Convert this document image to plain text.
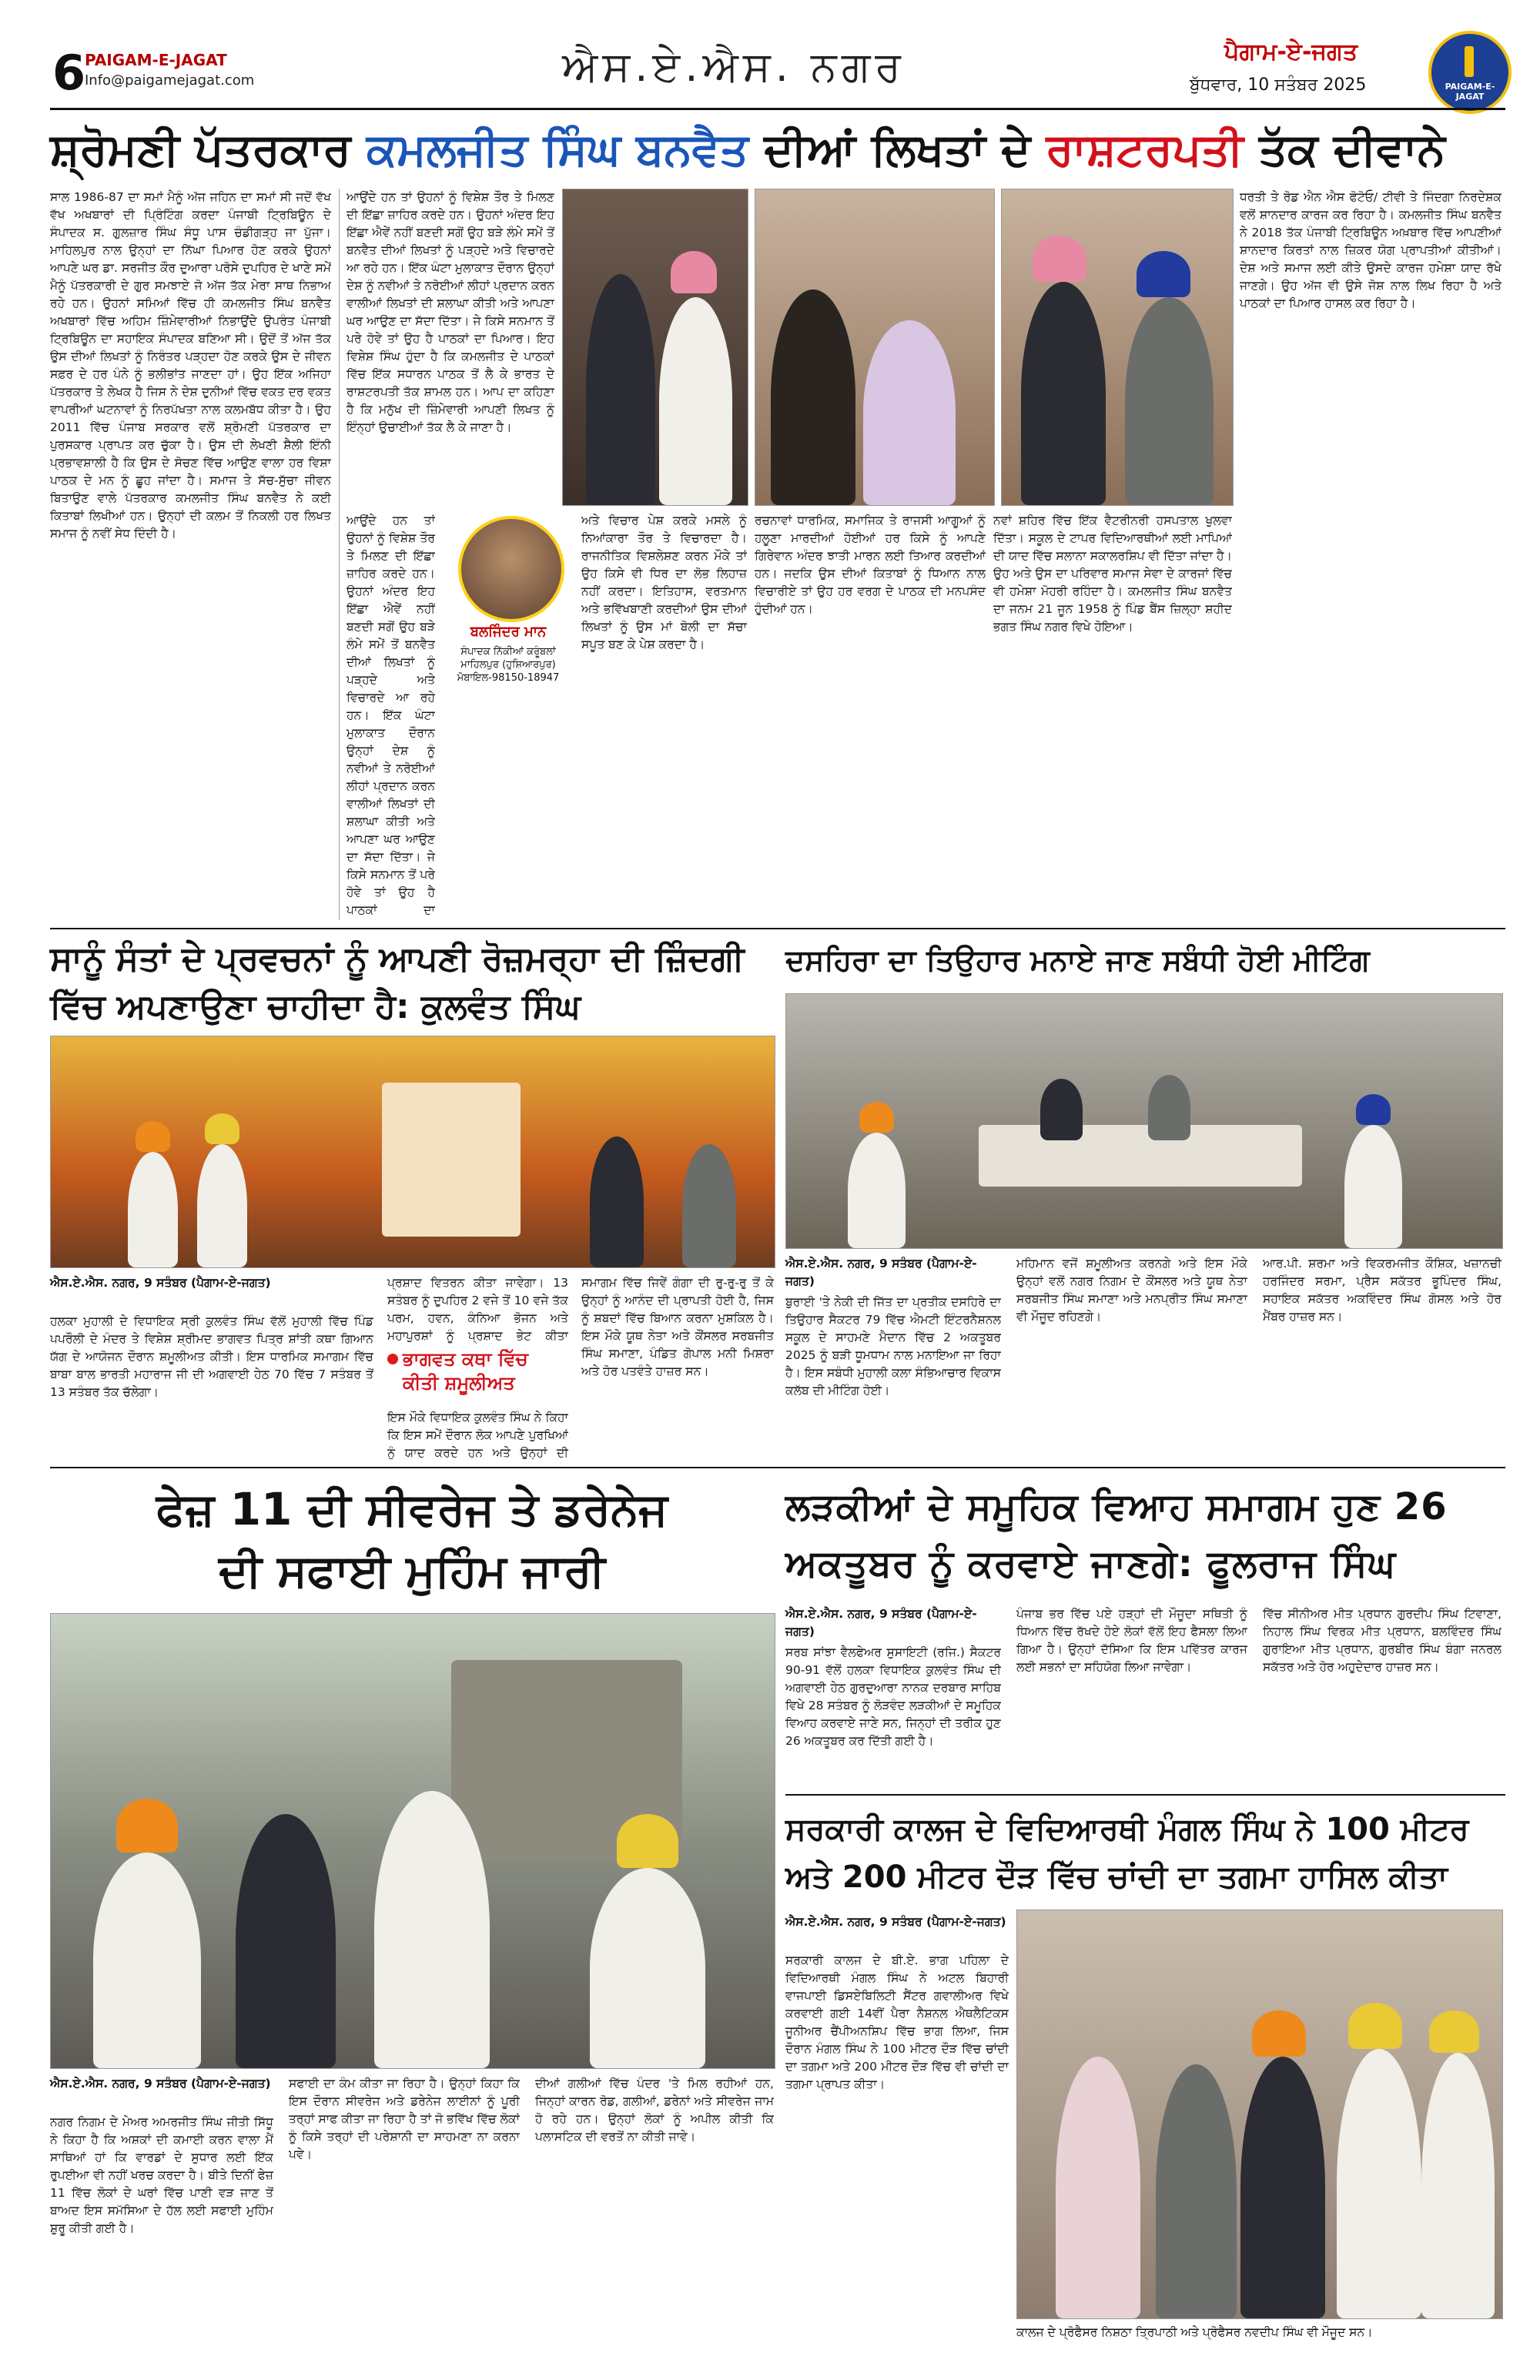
6
PAIGAM-E-JAGAT
Info@paigamejagat.com	ਐਸ.ਏ.ਐਸ. ਨਗਰ	ਪੈਗਾਮ-ਏ-ਜਗਤ
ਬੁੱਧਵਾਰ, 10 ਸਤੰਬਰ 2025	PAIGAM-E-JAGAT
ਸ਼੍ਰੋਮਣੀ ਪੱਤਰਕਾਰ ਕਮਲਜੀਤ ਸਿੰਘ ਬਨਵੈਤ ਦੀਆਂ ਲਿਖਤਾਂ ਦੇ ਰਾਸ਼ਟਰਪਤੀ ਤੱਕ ਦੀਵਾਨੇ
ਸਾਲ 1986-87 ਦਾ ਸਮਾਂ ਮੈਨੂੰ ਅੱਜ ਜਹਿਨ ਦਾ ਸਮਾਂ ਸੀ ਜਦੋਂ ਵੱਖ ਵੱਖ ਅਖਬਾਰਾਂ ਦੀ ਪ੍ਰਿੰਟਿੰਗ ਕਰਦਾ ਪੰਜਾਬੀ ਟ੍ਰਿਬਿਊਨ ਦੇ ਸੰਪਾਦਕ ਸ. ਗੁਲਜ਼ਾਰ ਸਿੰਘ ਸੰਧੂ ਪਾਸ ਚੰਡੀਗੜ੍ਹ ਜਾ ਪੁੱਜਾ। ਮਾਹਿਲਪੁਰ ਨਾਲ ਉਨ੍ਹਾਂ ਦਾ ਨਿੱਘਾ ਪਿਆਰ ਹੋਣ ਕਰਕੇ ਉਹਨਾਂ ਆਪਣੇ ਘਰ ਡਾ. ਸਰਜੀਤ ਕੌਰ ਦੁਆਰਾ ਪਰੋਸੇ ਦੁਪਹਿਰ ਦੇ ਖਾਣੇ ਸਮੇਂ ਮੈਨੂੰ ਪੱਤਰਕਾਰੀ ਦੇ ਗੁਰ ਸਮਝਾਏ ਜੋ ਅੱਜ ਤੱਕ ਮੇਰਾ ਸਾਥ ਨਿਭਾਅ ਰਹੇ ਹਨ। ਉਹਨਾਂ ਸਮਿਆਂ ਵਿੱਚ ਹੀ ਕਮਲਜੀਤ ਸਿੰਘ ਬਨਵੈਤ ਅਖਬਾਰਾਂ ਵਿੱਚ ਅਹਿਮ ਜ਼ਿੰਮੇਵਾਰੀਆਂ ਨਿਭਾਉਂਦੇ ਉਪਰੰਤ ਪੰਜਾਬੀ ਟ੍ਰਿਬਿਊਨ ਦਾ ਸਹਾਇਕ ਸੰਪਾਦਕ ਬਣਿਆ ਸੀ। ਉਦੋਂ ਤੋਂ ਅੱਜ ਤੱਕ ਉਸ ਦੀਆਂ ਲਿਖਤਾਂ ਨੂੰ ਨਿਰੰਤਰ ਪੜ੍ਹਦਾ ਹੋਣ ਕਰਕੇ ਉਸ ਦੇ ਜੀਵਨ ਸਫ਼ਰ ਦੇ ਹਰ ਪੰਨੇ ਨੂੰ ਭਲੀਭਾਂਤ ਜਾਣਦਾ ਹਾਂ। ਉਹ ਇੱਕ ਅਜਿਹਾ ਪੱਤਰਕਾਰ ਤੇ ਲੇਖਕ ਹੈ ਜਿਸ ਨੇ ਦੇਸ਼ ਦੁਨੀਆਂ ਵਿੱਚ ਵਕਤ ਦਰ ਵਕਤ ਵਾਪਰੀਆਂ ਘਟਨਾਵਾਂ ਨੂੰ ਨਿਰਪੱਖਤਾ ਨਾਲ ਕਲਮਬੱਧ ਕੀਤਾ ਹੈ। ਉਹ 2011 ਵਿੱਚ ਪੰਜਾਬ ਸਰਕਾਰ ਵਲੋਂ ਸ਼੍ਰੋਮਣੀ ਪੱਤਰਕਾਰ ਦਾ ਪੁਰਸਕਾਰ ਪ੍ਰਾਪਤ ਕਰ ਚੁੱਕਾ ਹੈ। ਉਸ ਦੀ ਲੇਖਣੀ ਸ਼ੈਲੀ ਇੰਨੀ ਪ੍ਰਭਾਵਸ਼ਾਲੀ ਹੈ ਕਿ ਉਸ ਦੇ ਸੋਚਣ ਵਿੱਚ ਆਉਣ ਵਾਲਾ ਹਰ ਵਿਸ਼ਾ ਪਾਠਕ ਦੇ ਮਨ ਨੂੰ ਛੂਹ ਜਾਂਦਾ ਹੈ। ਸਮਾਜ ਤੇ ਸੱਚ-ਸੁੱਚਾ ਜੀਵਨ ਬਿਤਾਉਣ ਵਾਲੇ ਪੱਤਰਕਾਰ ਕਮਲਜੀਤ ਸਿੰਘ ਬਨਵੈਤ ਨੇ ਕਈ ਕਿਤਾਬਾਂ ਲਿਖੀਆਂ ਹਨ। ਉਨ੍ਹਾਂ ਦੀ ਕਲਮ ਤੋਂ ਨਿਕਲੀ ਹਰ ਲਿਖਤ ਸਮਾਜ ਨੂੰ ਨਵੀਂ ਸੇਧ ਦਿੰਦੀ ਹੈ।
ਆਉਂਦੇ ਹਨ ਤਾਂ ਉਹਨਾਂ ਨੂੰ ਵਿਸ਼ੇਸ਼ ਤੌਰ ਤੇ ਮਿਲਣ ਦੀ ਇੱਛਾ ਜ਼ਾਹਿਰ ਕਰਦੇ ਹਨ। ਉਹਨਾਂ ਅੰਦਰ ਇਹ ਇੱਛਾ ਐਵੇਂ ਨਹੀਂ ਬਣਦੀ ਸਗੋਂ ਉਹ ਬੜੇ ਲੰਮੇ ਸਮੇਂ ਤੋਂ ਬਨਵੈਤ ਦੀਆਂ ਲਿਖਤਾਂ ਨੂੰ ਪੜ੍ਹਦੇ ਅਤੇ ਵਿਚਾਰਦੇ ਆ ਰਹੇ ਹਨ। ਇੱਕ ਘੰਟਾ ਮੁਲਾਕਾਤ ਦੌਰਾਨ ਉਨ੍ਹਾਂ ਦੇਸ਼ ਨੂੰ ਨਵੀਆਂ ਤੇ ਨਰੋਈਆਂ ਲੀਹਾਂ ਪ੍ਰਦਾਨ ਕਰਨ ਵਾਲੀਆਂ ਲਿਖਤਾਂ ਦੀ ਸ਼ਲਾਘਾ ਕੀਤੀ ਅਤੇ ਆਪਣਾ ਘਰ ਆਉਣ ਦਾ ਸੱਦਾ ਦਿੱਤਾ। ਜੇ ਕਿਸੇ ਸਨਮਾਨ ਤੋਂ ਪਰੇ ਹੋਵੇ ਤਾਂ ਉਹ ਹੈ ਪਾਠਕਾਂ ਦਾ ਪਿਆਰ। ਇਹ ਵਿਸ਼ੇਸ਼ ਸਿੰਘ ਹੁੰਦਾ ਹੈ ਕਿ ਕਮਲਜੀਤ ਦੇ ਪਾਠਕਾਂ ਵਿੱਚ ਇੱਕ ਸਧਾਰਨ ਪਾਠਕ ਤੋਂ ਲੈ ਕੇ ਭਾਰਤ ਦੇ ਰਾਸ਼ਟਰਪਤੀ ਤੱਕ ਸ਼ਾਮਲ ਹਨ। ਆਪ ਦਾ ਕਹਿਣਾ ਹੈ ਕਿ ਮਨੁੱਖ ਦੀ ਜ਼ਿੰਮੇਵਾਰੀ ਆਪਣੀ ਲਿਖਤ ਨੂੰ ਇੰਨ੍ਹਾਂ ਉਚਾਈਆਂ ਤੱਕ ਲੈ ਕੇ ਜਾਣਾ ਹੈ।
ਧਰਤੀ ਤੇ ਰੋਡ ਐਨ ਐਸ ਫੋਟੋਓ/ ਟੀਵੀ ਤੇ ਜਿੰਦਗਾ ਨਿਰਦੇਸ਼ਕ ਵਲੋਂ ਸ਼ਾਨਦਾਰ ਕਾਰਜ ਕਰ ਰਿਹਾ ਹੈ। ਕਮਲਜੀਤ ਸਿੰਘ ਬਨਵੈਤ ਨੇ 2018 ਤੱਕ ਪੰਜਾਬੀ ਟ੍ਰਿਬਿਊਨ ਅਖ਼ਬਾਰ ਵਿੱਚ ਆਪਣੀਆਂ ਸ਼ਾਨਦਾਰ ਕਿਰਤਾਂ ਨਾਲ ਜ਼ਿਕਰ ਯੋਗ ਪ੍ਰਾਪਤੀਆਂ ਕੀਤੀਆਂ। ਦੇਸ਼ ਅਤੇ ਸਮਾਜ ਲਈ ਕੀਤੇ ਉਸਦੇ ਕਾਰਜ ਹਮੇਸ਼ਾ ਯਾਦ ਰੱਖੇ ਜਾਣਗੇ। ਉਹ ਅੱਜ ਵੀ ਉਸੇ ਜੋਸ਼ ਨਾਲ ਲਿਖ ਰਿਹਾ ਹੈ ਅਤੇ ਪਾਠਕਾਂ ਦਾ ਪਿਆਰ ਹਾਸਲ ਕਰ ਰਿਹਾ ਹੈ।
ਬਲਜਿੰਦਰ ਮਾਨ
ਸੰਪਾਦਕ ਨਿੱਕੀਆਂ ਕਰੂੰਬਲਾਂ ਮਾਹਿਲਪੁਰ (ਹੁਸ਼ਿਆਰਪੁਰ) ਮੋਬਾਇਲ-98150-18947
ਆਉਂਦੇ ਹਨ ਤਾਂ ਉਹਨਾਂ ਨੂੰ ਵਿਸ਼ੇਸ਼ ਤੌਰ ਤੇ ਮਿਲਣ ਦੀ ਇੱਛਾ ਜ਼ਾਹਿਰ ਕਰਦੇ ਹਨ। ਉਹਨਾਂ ਅੰਦਰ ਇਹ ਇੱਛਾ ਐਵੇਂ ਨਹੀਂ ਬਣਦੀ ਸਗੋਂ ਉਹ ਬੜੇ ਲੰਮੇ ਸਮੇਂ ਤੋਂ ਬਨਵੈਤ ਦੀਆਂ ਲਿਖਤਾਂ ਨੂੰ ਪੜ੍ਹਦੇ ਅਤੇ ਵਿਚਾਰਦੇ ਆ ਰਹੇ ਹਨ। ਇੱਕ ਘੰਟਾ ਮੁਲਾਕਾਤ ਦੌਰਾਨ ਉਨ੍ਹਾਂ ਦੇਸ਼ ਨੂੰ ਨਵੀਆਂ ਤੇ ਨਰੋਈਆਂ ਲੀਹਾਂ ਪ੍ਰਦਾਨ ਕਰਨ ਵਾਲੀਆਂ ਲਿਖਤਾਂ ਦੀ ਸ਼ਲਾਘਾ ਕੀਤੀ ਅਤੇ ਆਪਣਾ ਘਰ ਆਉਣ ਦਾ ਸੱਦਾ ਦਿੱਤਾ। ਜੇ ਕਿਸੇ ਸਨਮਾਨ ਤੋਂ ਪਰੇ ਹੋਵੇ ਤਾਂ ਉਹ ਹੈ ਪਾਠਕਾਂ ਦਾ
ਅਤੇ ਵਿਚਾਰ ਪੇਸ਼ ਕਰਕੇ ਮਸਲੇ ਨੂੰ ਨਿਆਂਕਾਰਾ ਤੌਰ ਤੇ ਵਿਚਾਰਦਾ ਹੈ। ਰਾਜਨੀਤਿਕ ਵਿਸ਼ਲੇਸ਼ਣ ਕਰਨ ਮੌਕੇ ਤਾਂ ਉਹ ਕਿਸੇ ਵੀ ਧਿਰ ਦਾ ਲੋਭ ਲਿਹਾਜ਼ ਨਹੀਂ ਕਰਦਾ। ਇਤਿਹਾਸ, ਵਰਤਮਾਨ ਅਤੇ ਭਵਿੱਖਬਾਣੀ ਕਰਦੀਆਂ ਉਸ ਦੀਆਂ ਲਿਖਤਾਂ ਨੂੰ ਉਸ ਮਾਂ ਬੋਲੀ ਦਾ ਸੱਚਾ ਸਪੂਤ ਬਣ ਕੇ ਪੇਸ਼ ਕਰਦਾ ਹੈ।
ਰਚਨਾਵਾਂ ਧਾਰਮਿਕ, ਸਮਾਜਿਕ ਤੇ ਰਾਜਸੀ ਆਗੂਆਂ ਨੂੰ ਹਲੂਣਾ ਮਾਰਦੀਆਂ ਹੋਈਆਂ ਹਰ ਕਿਸੇ ਨੂੰ ਆਪਣੇ ਗਿਰੇਵਾਨ ਅੰਦਰ ਝਾਤੀ ਮਾਰਨ ਲਈ ਤਿਆਰ ਕਰਦੀਆਂ ਹਨ। ਜਦਕਿ ਉਸ ਦੀਆਂ ਕਿਤਾਬਾਂ ਨੂੰ ਧਿਆਨ ਨਾਲ ਵਿਚਾਰੀਏ ਤਾਂ ਉਹ ਹਰ ਵਰਗ ਦੇ ਪਾਠਕ ਦੀ ਮਨਪਸੰਦ ਹੁੰਦੀਆਂ ਹਨ।
ਨਵਾਂ ਸ਼ਹਿਰ ਵਿੱਚ ਇੱਕ ਵੈਟਰੀਨਰੀ ਹਸਪਤਾਲ ਖੁਲਵਾ ਦਿੱਤਾ। ਸਕੂਲ ਦੇ ਟਾਪਰ ਵਿਦਿਆਰਥੀਆਂ ਲਈ ਮਾਪਿਆਂ ਦੀ ਯਾਦ ਵਿੱਚ ਸਲਾਨਾ ਸਕਾਲਰਸ਼ਿਪ ਵੀ ਦਿੱਤਾ ਜਾਂਦਾ ਹੈ। ਉਹ ਅਤੇ ਉਸ ਦਾ ਪਰਿਵਾਰ ਸਮਾਜ ਸੇਵਾ ਦੇ ਕਾਰਜਾਂ ਵਿੱਚ ਵੀ ਹਮੇਸ਼ਾ ਮੋਹਰੀ ਰਹਿੰਦਾ ਹੈ। ਕਮਲਜੀਤ ਸਿੰਘ ਬਨਵੈਤ ਦਾ ਜਨਮ 21 ਜੂਨ 1958 ਨੂੰ ਪਿੰਡ ਬੈਂਸ ਜ਼ਿਲ੍ਹਾ ਸ਼ਹੀਦ ਭਗਤ ਸਿੰਘ ਨਗਰ ਵਿਖੇ ਹੋਇਆ।
ਸਾਨੂੰ ਸੰਤਾਂ ਦੇ ਪ੍ਰਵਚਨਾਂ ਨੂੰ ਆਪਣੀ ਰੋਜ਼ਮਰ੍ਹਾ ਦੀ ਜ਼ਿੰਦਗੀ ਵਿੱਚ ਅਪਣਾਉਣਾ ਚਾਹੀਦਾ ਹੈ: ਕੁਲਵੰਤ ਸਿੰਘ
ਐਸ.ਏ.ਐਸ. ਨਗਰ, 9 ਸਤੰਬਰ (ਪੈਗਾਮ-ਏ-ਜਗਤ)
ਹਲਕਾ ਮੁਹਾਲੀ ਦੇ ਵਿਧਾਇਕ ਸ੍ਰੀ ਕੁਲਵੰਤ ਸਿੰਘ ਵੱਲੋਂ ਮੁਹਾਲੀ ਵਿੱਚ ਪਿੰਡ ਪਪਰੌਲੀ ਦੇ ਮੰਦਰ ਤੇ ਵਿਸ਼ੇਸ਼ ਸ਼੍ਰੀਮਦ ਭਾਗਵਤ ਪਿਤ੍ਰ ਸ਼ਾਂਤੀ ਕਥਾ ਗਿਆਨ ਯੱਗ ਦੇ ਆਯੋਜਨ ਦੌਰਾਨ ਸ਼ਮੂਲੀਅਤ ਕੀਤੀ। ਇਸ ਧਾਰਮਿਕ ਸਮਾਗਮ ਵਿੱਚ ਬਾਬਾ ਬਾਲ ਭਾਰਤੀ ਮਹਾਰਾਜ ਜੀ ਦੀ ਅਗਵਾਈ ਹੇਠ 70 ਵਿੱਚ 7 ਸਤੰਬਰ ਤੋਂ 13 ਸਤੰਬਰ ਤੱਕ ਚੱਲੇਗਾ।
ਪ੍ਰਸ਼ਾਦ ਵਿਤਰਨ ਕੀਤਾ ਜਾਵੇਗਾ। 13 ਸਤੰਬਰ ਨੂੰ ਦੁਪਹਿਰ 2 ਵਜੇ ਤੋਂ 10 ਵਜੇ ਤੱਕ ਪਰਮ, ਹਵਨ, ਕੰਨਿਆ ਭੋਜਨ ਅਤੇ ਮਹਾਪੁਰਸ਼ਾਂ ਨੂੰ ਪ੍ਰਸ਼ਾਦ ਭੇਟ ਕੀਤਾ
ਭਾਗਵਤ ਕਥਾ ਵਿੱਚ ਕੀਤੀ ਸ਼ਮੂਲੀਅਤ
ਇਸ ਮੌਕੇ ਵਿਧਾਇਕ ਕੁਲਵੰਤ ਸਿੰਘ ਨੇ ਕਿਹਾ ਕਿ ਇਸ ਸਮੇਂ ਦੌਰਾਨ ਲੋਕ ਆਪਣੇ ਪੁਰਖਿਆਂ ਨੂੰ ਯਾਦ ਕਰਦੇ ਹਨ ਅਤੇ ਉਨ੍ਹਾਂ ਦੀ
ਸਮਾਗਮ ਵਿੱਚ ਜਿਵੇਂ ਗੰਗਾ ਦੀ ਰੁ-ਰੁ-ਰੁ ਤੋਂ ਕੇ ਉਨ੍ਹਾਂ ਨੂੰ ਆਨੰਦ ਦੀ ਪ੍ਰਾਪਤੀ ਹੋਈ ਹੈ, ਜਿਸ ਨੂੰ ਸ਼ਬਦਾਂ ਵਿੱਚ ਬਿਆਨ ਕਰਨਾ ਮੁਸ਼ਕਿਲ ਹੈ। ਇਸ ਮੌਕੇ ਯੂਥ ਨੇਤਾ ਅਤੇ ਕੌਂਸਲਰ ਸਰਬਜੀਤ ਸਿੰਘ ਸਮਾਣਾ, ਪੰਡਿਤ ਗੋਪਾਲ ਮਨੀ ਮਿਸ਼ਰਾ ਅਤੇ ਹੋਰ ਪਤਵੰਤੇ ਹਾਜ਼ਰ ਸਨ।
ਦਸਹਿਰਾ ਦਾ ਤਿਉਹਾਰ ਮਨਾਏ ਜਾਣ ਸਬੰਧੀ ਹੋਈ ਮੀਟਿੰਗ
ਐਸ.ਏ.ਐਸ. ਨਗਰ, 9 ਸਤੰਬਰ (ਪੈਗਾਮ-ਏ-ਜਗਤ)
ਬੁਰਾਈ 'ਤੇ ਨੇਕੀ ਦੀ ਜਿੱਤ ਦਾ ਪ੍ਰਤੀਕ ਦਸਹਿਰੇ ਦਾ ਤਿਉਹਾਰ ਸੈਕਟਰ 79 ਵਿੱਚ ਐਮਟੀ ਇੰਟਰਨੈਸ਼ਨਲ ਸਕੂਲ ਦੇ ਸਾਹਮਣੇ ਮੈਦਾਨ ਵਿੱਚ 2 ਅਕਤੂਬਰ 2025 ਨੂੰ ਬੜੀ ਧੂਮਧਾਮ ਨਾਲ ਮਨਾਇਆ ਜਾ ਰਿਹਾ ਹੈ। ਇਸ ਸਬੰਧੀ ਮੁਹਾਲੀ ਕਲਾ ਸੰਭਿਆਚਾਰ ਵਿਕਾਸ ਕਲੱਬ ਦੀ ਮੀਟਿੰਗ ਹੋਈ।
ਮਹਿਮਾਨ ਵਜੋਂ ਸ਼ਮੂਲੀਅਤ ਕਰਨਗੇ ਅਤੇ ਇਸ ਮੌਕੇ ਉਨ੍ਹਾਂ ਵਲੋਂ ਨਗਰ ਨਿਗਮ ਦੇ ਕੌਂਸਲਰ ਅਤੇ ਯੂਥ ਨੇਤਾ ਸਰਬਜੀਤ ਸਿੰਘ ਸਮਾਣਾ ਅਤੇ ਮਨਪ੍ਰੀਤ ਸਿੰਘ ਸਮਾਣਾ ਵੀ ਮੌਜੂਦ ਰਹਿਣਗੇ।
ਆਰ.ਪੀ. ਸ਼ਰਮਾ ਅਤੇ ਵਿਕਰਮਜੀਤ ਕੌਸ਼ਿਕ, ਖਜ਼ਾਨਚੀ ਹਰਜਿੰਦਰ ਸਰਮਾ, ਪ੍ਰੈਸ ਸਕੱਤਰ ਭੂਪਿੰਦਰ ਸਿੰਘ, ਸਹਾਇਕ ਸਕੱਤਰ ਅਕਵਿੰਦਰ ਸਿੰਘ ਗੋਸਲ ਅਤੇ ਹੋਰ ਮੈਂਬਰ ਹਾਜ਼ਰ ਸਨ।
ਫੇਜ਼ 11 ਦੀ ਸੀਵਰੇਜ ਤੇ ਡਰੇਨੇਜ
ਦੀ ਸਫਾਈ ਮੁਹਿੰਮ ਜਾਰੀ
ਐਸ.ਏ.ਐਸ. ਨਗਰ, 9 ਸਤੰਬਰ (ਪੈਗਾਮ-ਏ-ਜਗਤ)
ਨਗਰ ਨਿਗਮ ਦੇ ਮੇਅਰ ਅਮਰਜੀਤ ਸਿੰਘ ਜੀਤੀ ਸਿੱਧੂ ਨੇ ਕਿਹਾ ਹੈ ਕਿ ਅਸ਼ਕਾਂ ਦੀ ਕਮਾਈ ਕਰਨ ਵਾਲਾ ਮੈਂ ਸਾਥਿਆਂ ਹਾਂ ਕਿ ਵਾਰਡਾਂ ਦੇ ਸੁਧਾਰ ਲਈ ਇੱਕ ਰੁਪਈਆ ਵੀ ਨਹੀਂ ਖਰਚ ਕਰਦਾ ਹੈ। ਬੀਤੇ ਦਿਨੀਂ ਫੇਜ਼ 11 ਵਿੱਚ ਲੋਕਾਂ ਦੇ ਘਰਾਂ ਵਿੱਚ ਪਾਣੀ ਵੜ ਜਾਣ ਤੋਂ ਬਾਅਦ ਇਸ ਸਮੱਸਿਆ ਦੇ ਹੱਲ ਲਈ ਸਫਾਈ ਮੁਹਿੰਮ ਸ਼ੁਰੂ ਕੀਤੀ ਗਈ ਹੈ।
ਸਫਾਈ ਦਾ ਕੰਮ ਕੀਤਾ ਜਾ ਰਿਹਾ ਹੈ। ਉਨ੍ਹਾਂ ਕਿਹਾ ਕਿ ਇਸ ਦੌਰਾਨ ਸੀਵਰੇਜ ਅਤੇ ਡਰੇਨੇਜ ਲਾਈਨਾਂ ਨੂੰ ਪੂਰੀ ਤਰ੍ਹਾਂ ਸਾਫ ਕੀਤਾ ਜਾ ਰਿਹਾ ਹੈ ਤਾਂ ਜੋ ਭਵਿੱਖ ਵਿੱਚ ਲੋਕਾਂ ਨੂੰ ਕਿਸੇ ਤਰ੍ਹਾਂ ਦੀ ਪਰੇਸ਼ਾਨੀ ਦਾ ਸਾਹਮਣਾ ਨਾ ਕਰਨਾ ਪਵੇ।
ਦੀਆਂ ਗਲੀਆਂ ਵਿੱਚ ਪੰਦਰ 'ਤੇ ਮਿਲ ਰਹੀਆਂ ਹਨ, ਜਿਨ੍ਹਾਂ ਕਾਰਨ ਰੋਡ, ਗਲੀਆਂ, ਡਰੇਨਾਂ ਅਤੇ ਸੀਵਰੇਜ ਜਾਮ ਹੋ ਰਹੇ ਹਨ। ਉਨ੍ਹਾਂ ਲੋਕਾਂ ਨੂੰ ਅਪੀਲ ਕੀਤੀ ਕਿ ਪਲਾਸਟਿਕ ਦੀ ਵਰਤੋਂ ਨਾ ਕੀਤੀ ਜਾਵੇ।
ਲੜਕੀਆਂ ਦੇ ਸਮੂਹਿਕ ਵਿਆਹ ਸਮਾਗਮ ਹੁਣ 26
ਅਕਤੂਬਰ ਨੂੰ ਕਰਵਾਏ ਜਾਣਗੇ: ਫੂਲਰਾਜ ਸਿੰਘ
ਐਸ.ਏ.ਐਸ. ਨਗਰ, 9 ਸਤੰਬਰ (ਪੈਗਾਮ-ਏ-ਜਗਤ)
ਸਰਬ ਸਾਂਝਾ ਵੈਲਫੇਅਰ ਸੁਸਾਇਟੀ (ਰਜਿ.) ਸੈਕਟਰ 90-91 ਵੱਲੋਂ ਹਲਕਾ ਵਿਧਾਇਕ ਕੁਲਵੰਤ ਸਿੰਘ ਦੀ ਅਗਵਾਈ ਹੇਠ ਗੁਰਦੁਆਰਾ ਨਾਨਕ ਦਰਬਾਰ ਸਾਹਿਬ ਵਿਖੇ 28 ਸਤੰਬਰ ਨੂੰ ਲੋੜਵੰਦ ਲੜਕੀਆਂ ਦੇ ਸਮੂਹਿਕ ਵਿਆਹ ਕਰਵਾਏ ਜਾਣੇ ਸਨ, ਜਿਨ੍ਹਾਂ ਦੀ ਤਰੀਕ ਹੁਣ 26 ਅਕਤੂਬਰ ਕਰ ਦਿੱਤੀ ਗਈ ਹੈ।
ਪੰਜਾਬ ਭਰ ਵਿੱਚ ਪਏ ਹੜ੍ਹਾਂ ਦੀ ਮੌਜੂਦਾ ਸਥਿਤੀ ਨੂੰ ਧਿਆਨ ਵਿੱਚ ਰੱਖਦੇ ਹੋਏ ਲੋਕਾਂ ਵੱਲੋਂ ਇਹ ਫੈਸਲਾ ਲਿਆ ਗਿਆ ਹੈ। ਉਨ੍ਹਾਂ ਦੱਸਿਆ ਕਿ ਇਸ ਪਵਿੱਤਰ ਕਾਰਜ ਲਈ ਸਭਨਾਂ ਦਾ ਸਹਿਯੋਗ ਲਿਆ ਜਾਵੇਗਾ।
ਵਿੱਚ ਸੀਨੀਅਰ ਮੀਤ ਪ੍ਰਧਾਨ ਗੁਰਦੀਪ ਸਿੰਘ ਟਿਵਾਣਾ, ਨਿਹਾਲ ਸਿੰਘ ਵਿਰਕ ਮੀਤ ਪ੍ਰਧਾਨ, ਬਲਵਿੰਦਰ ਸਿੰਘ ਗੁਰਾਇਆ ਮੀਤ ਪ੍ਰਧਾਨ, ਗੁਰਬੀਰ ਸਿੰਘ ਬੰਗਾ ਜਨਰਲ ਸਕੱਤਰ ਅਤੇ ਹੋਰ ਅਹੁਦੇਦਾਰ ਹਾਜ਼ਰ ਸਨ।
ਸਰਕਾਰੀ ਕਾਲਜ ਦੇ ਵਿਦਿਆਰਥੀ ਮੰਗਲ ਸਿੰਘ ਨੇ 100 ਮੀਟਰ
ਅਤੇ 200 ਮੀਟਰ ਦੌੜ ਵਿੱਚ ਚਾਂਦੀ ਦਾ ਤਗਮਾ ਹਾਸਿਲ ਕੀਤਾ
ਐਸ.ਏ.ਐਸ. ਨਗਰ, 9 ਸਤੰਬਰ (ਪੈਗਾਮ-ਏ-ਜਗਤ)
ਸਰਕਾਰੀ ਕਾਲਜ ਦੇ ਬੀ.ਏ. ਭਾਗ ਪਹਿਲਾ ਦੇ ਵਿਦਿਆਰਥੀ ਮੰਗਲ ਸਿੰਘ ਨੇ ਅਟਲ ਬਿਹਾਰੀ ਵਾਜਪਾਈ ਡਿਸਏਬਿਲਿਟੀ ਸੈਂਟਰ ਗਵਾਲੀਅਰ ਵਿਖੇ ਕਰਵਾਈ ਗਈ 14ਵੀਂ ਪੈਰਾ ਨੈਸ਼ਨਲ ਐਥਲੈਟਿਕਸ ਜੂਨੀਅਰ ਚੈਂਪੀਅਨਸ਼ਿਪ ਵਿੱਚ ਭਾਗ ਲਿਆ, ਜਿਸ ਦੌਰਾਨ ਮੰਗਲ ਸਿੰਘ ਨੇ 100 ਮੀਟਰ ਦੌੜ ਵਿੱਚ ਚਾਂਦੀ ਦਾ ਤਗਮਾ ਅਤੇ 200 ਮੀਟਰ ਦੌੜ ਵਿੱਚ ਵੀ ਚਾਂਦੀ ਦਾ ਤਗਮਾ ਪ੍ਰਾਪਤ ਕੀਤਾ।
ਕਾਲਜ ਦੇ ਪ੍ਰੋਫੈਸਰ ਨਿਸ਼ਠਾ ਤ੍ਰਿਪਾਠੀ ਅਤੇ ਪ੍ਰੋਫੈਸਰ ਨਵਦੀਪ ਸਿੰਘ ਵੀ ਮੌਜੂਦ ਸਨ।
